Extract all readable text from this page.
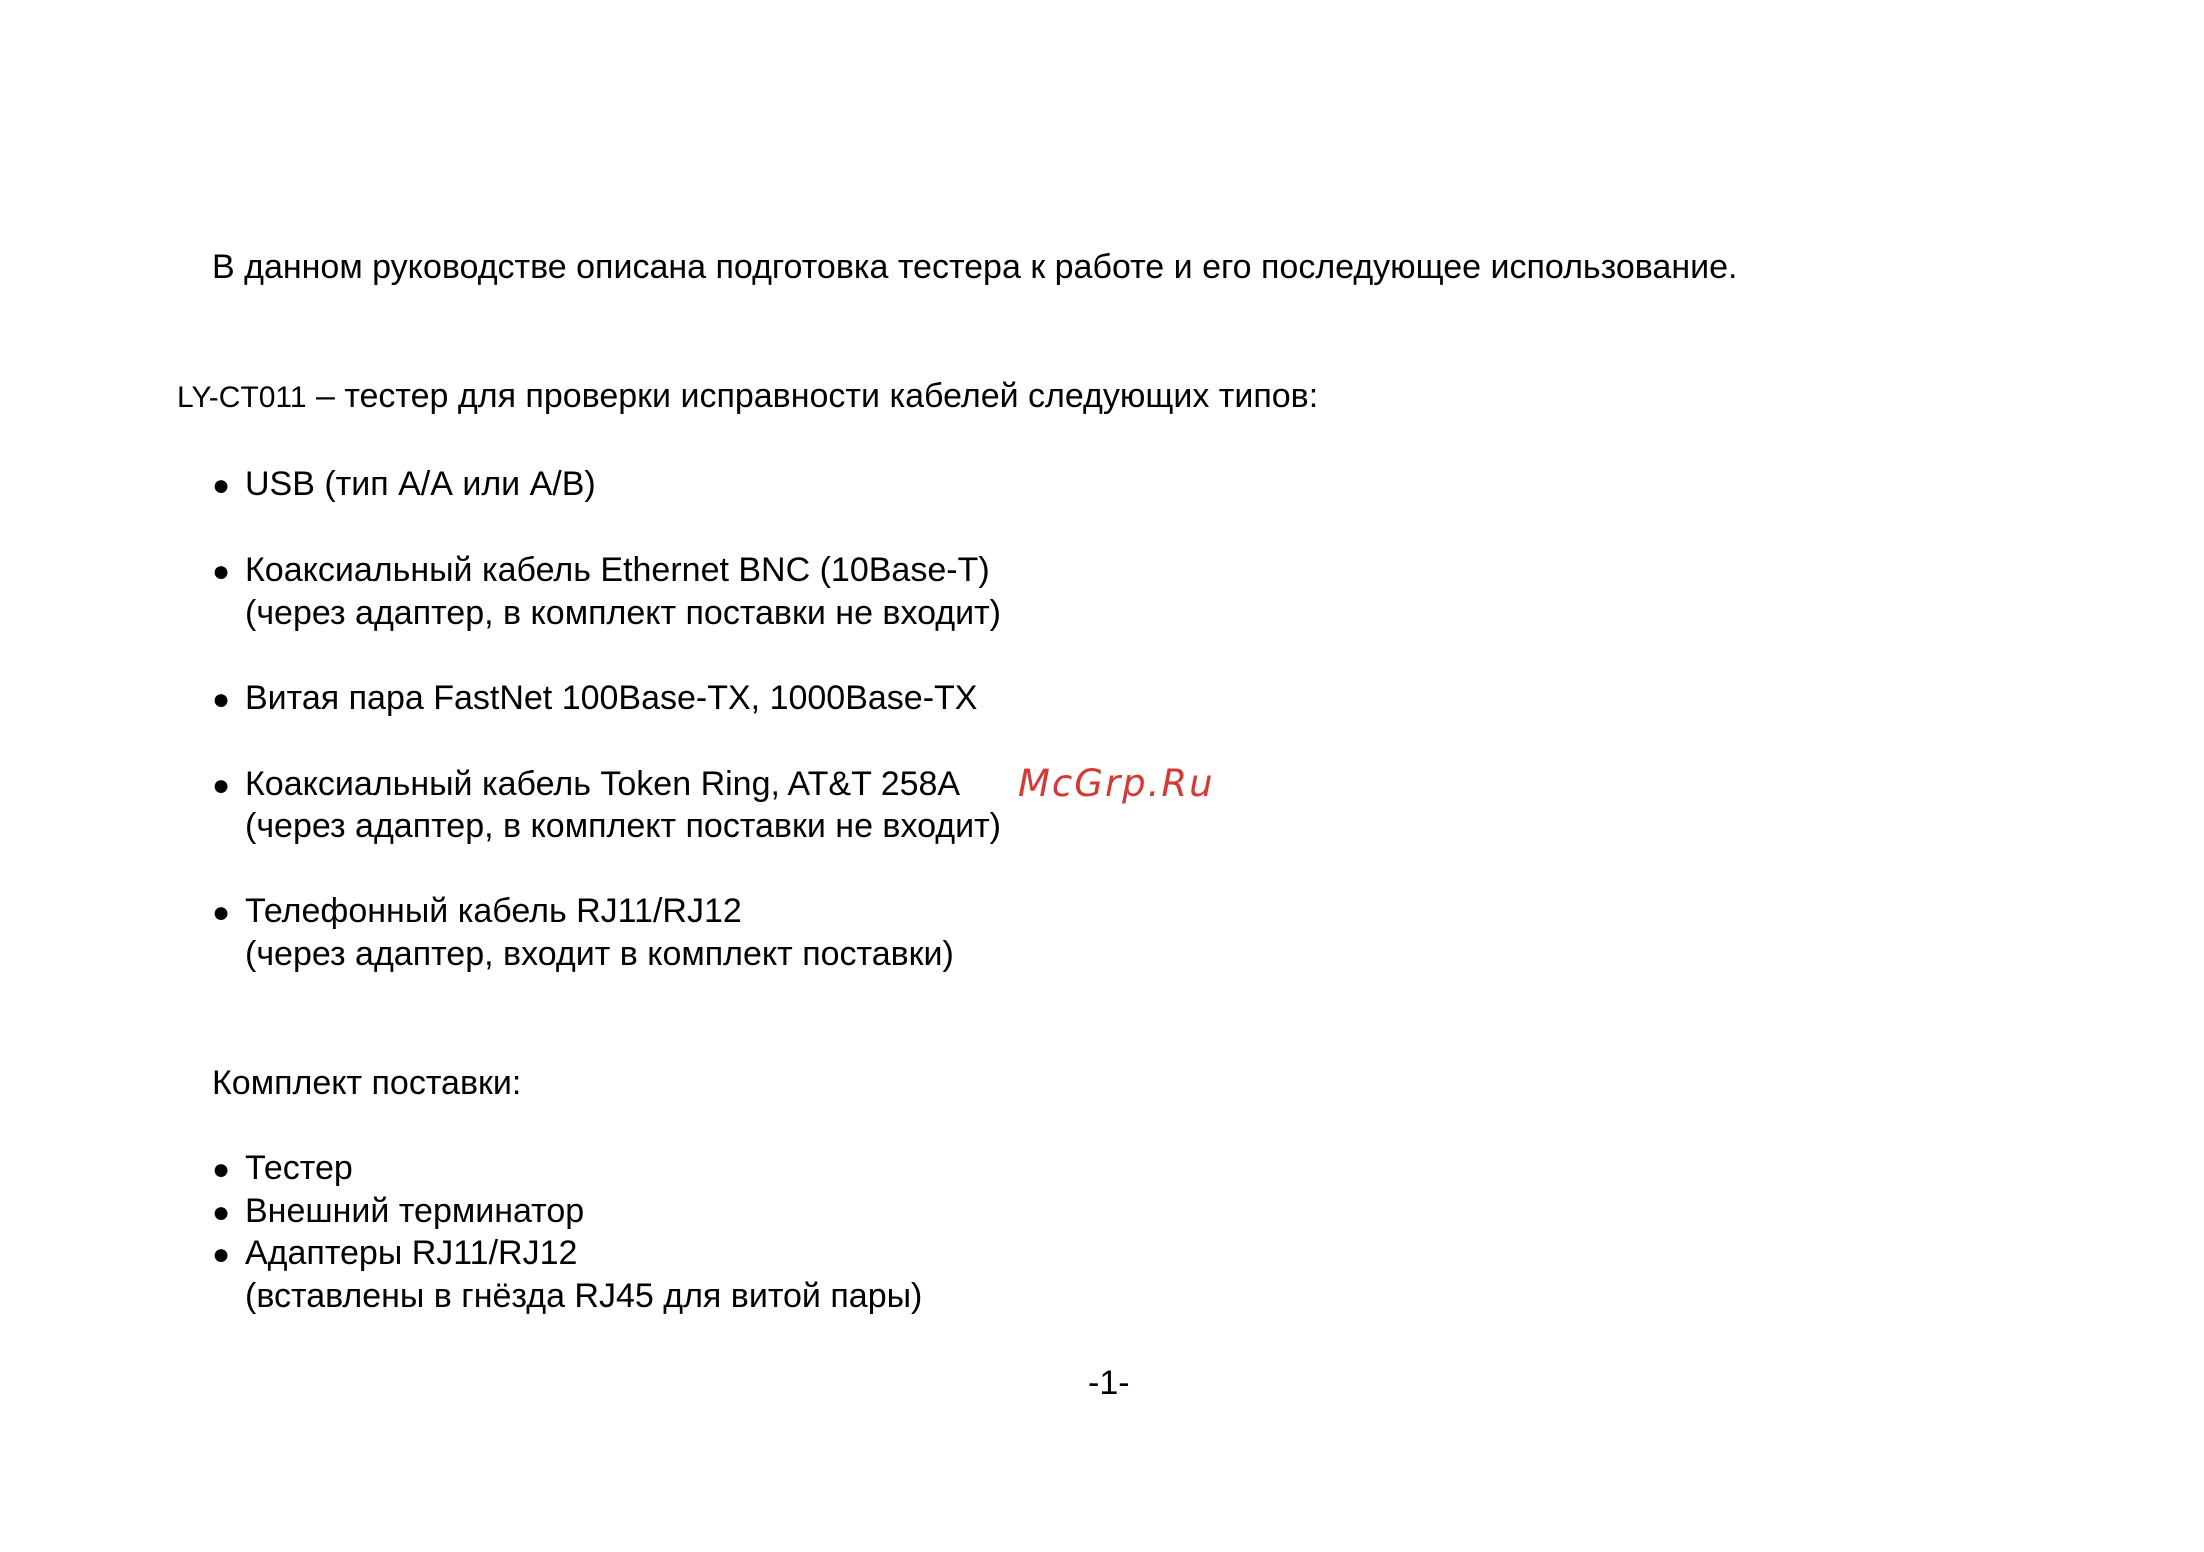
В данном руководстве описана подготовка тестера к работе и его последующее использование.
LY-CT011 – тестер для проверки исправности кабелей следующих типов:
● USB (тип А/А или А/В)
● Коаксиальный кабель Ethernet BNC (10Base-T)
(через адаптер, в комплект поставки не входит)
● Витая пара FastNet 100Base-TX, 1000Base-TX
● Коаксиальный кабель Token Ring, AT&T 258A
(через адаптер, в комплект поставки не входит)
● Телефонный кабель RJ11/RJ12
(через адаптер, входит в комплект поставки)
Комплект поставки:
● Тестер
● Внешний терминатор
● Адаптеры RJ11/RJ12
(вставлены в гнёзда RJ45 для витой пары)
-1-
McGrp.Ru
